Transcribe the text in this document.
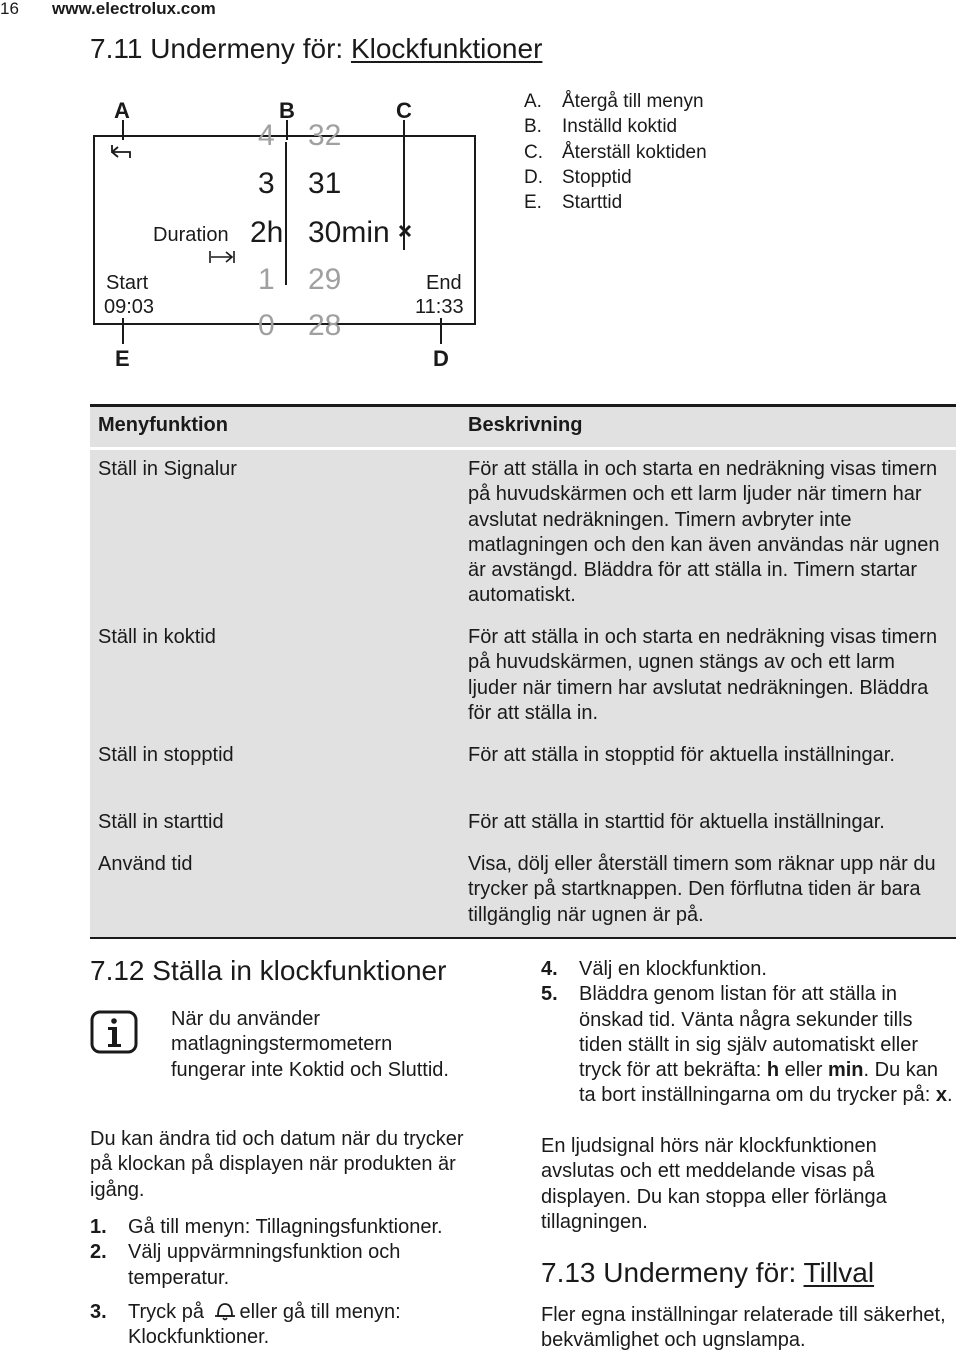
16 www.electrolux.com
7.11 Undermeny för: Klockfunktioner
A	B	C
D
E
4 32
3 31
2h 30min
1 29
0 28
Duration
Start
09:03
End
11:33
A. Återgå till menyn
B. Inställd koktid
C. Återställ koktiden
D. Stopptid
E. Starttid
Menyfunktion	Beskrivning
Ställ in Signalur	För att ställa in och starta en nedräkning visas timern på huvudskärmen och ett larm ljuder när timern har avslutat nedräkningen. Timern avbryter inte matlagningen och den kan även användas när ugnen är avstängd. Bläddra för att ställa in. Timern startar automatiskt.
Ställ in koktid	För att ställa in och starta en nedräkning visas timern på huvudskärmen, ugnen stängs av och ett larm ljuder när timern har avslutat nedräkningen. Bläddra för att ställa in.
Ställ in stopptid	För att ställa in stopptid för aktuella inställningar.
Ställ in starttid	För att ställa in starttid för aktuella inställningar.
Använd tid	Visa, dölj eller återställ timern som räknar upp när du trycker på startknappen. Den förflutna tiden är bara tillgänglig när ugnen är på.
7.12 Ställa in klockfunktioner
När du använder matlagningstermometern fungerar inte Koktid och Sluttid.
Du kan ändra tid och datum när du trycker på klockan på displayen när produkten är igång.
1. Gå till menyn: Tillagningsfunktioner.
2. Välj uppvärmningsfunktion och temperatur.
3. Tryck på eller gå till menyn: Klockfunktioner.
4. Välj en klockfunktion.
5. Bläddra genom listan för att ställa in önskad tid. Vänta några sekunder tills tiden ställt in sig själv automatiskt eller tryck för att bekräfta: h eller min. Du kan ta bort inställningarna om du trycker på: x.
En ljudsignal hörs när klockfunktionen avslutas och ett meddelande visas på displayen. Du kan stoppa eller förlänga tillagningen.
7.13 Undermeny för: Tillval
Fler egna inställningar relaterade till säkerhet, bekvämlighet och ugnslampa.
